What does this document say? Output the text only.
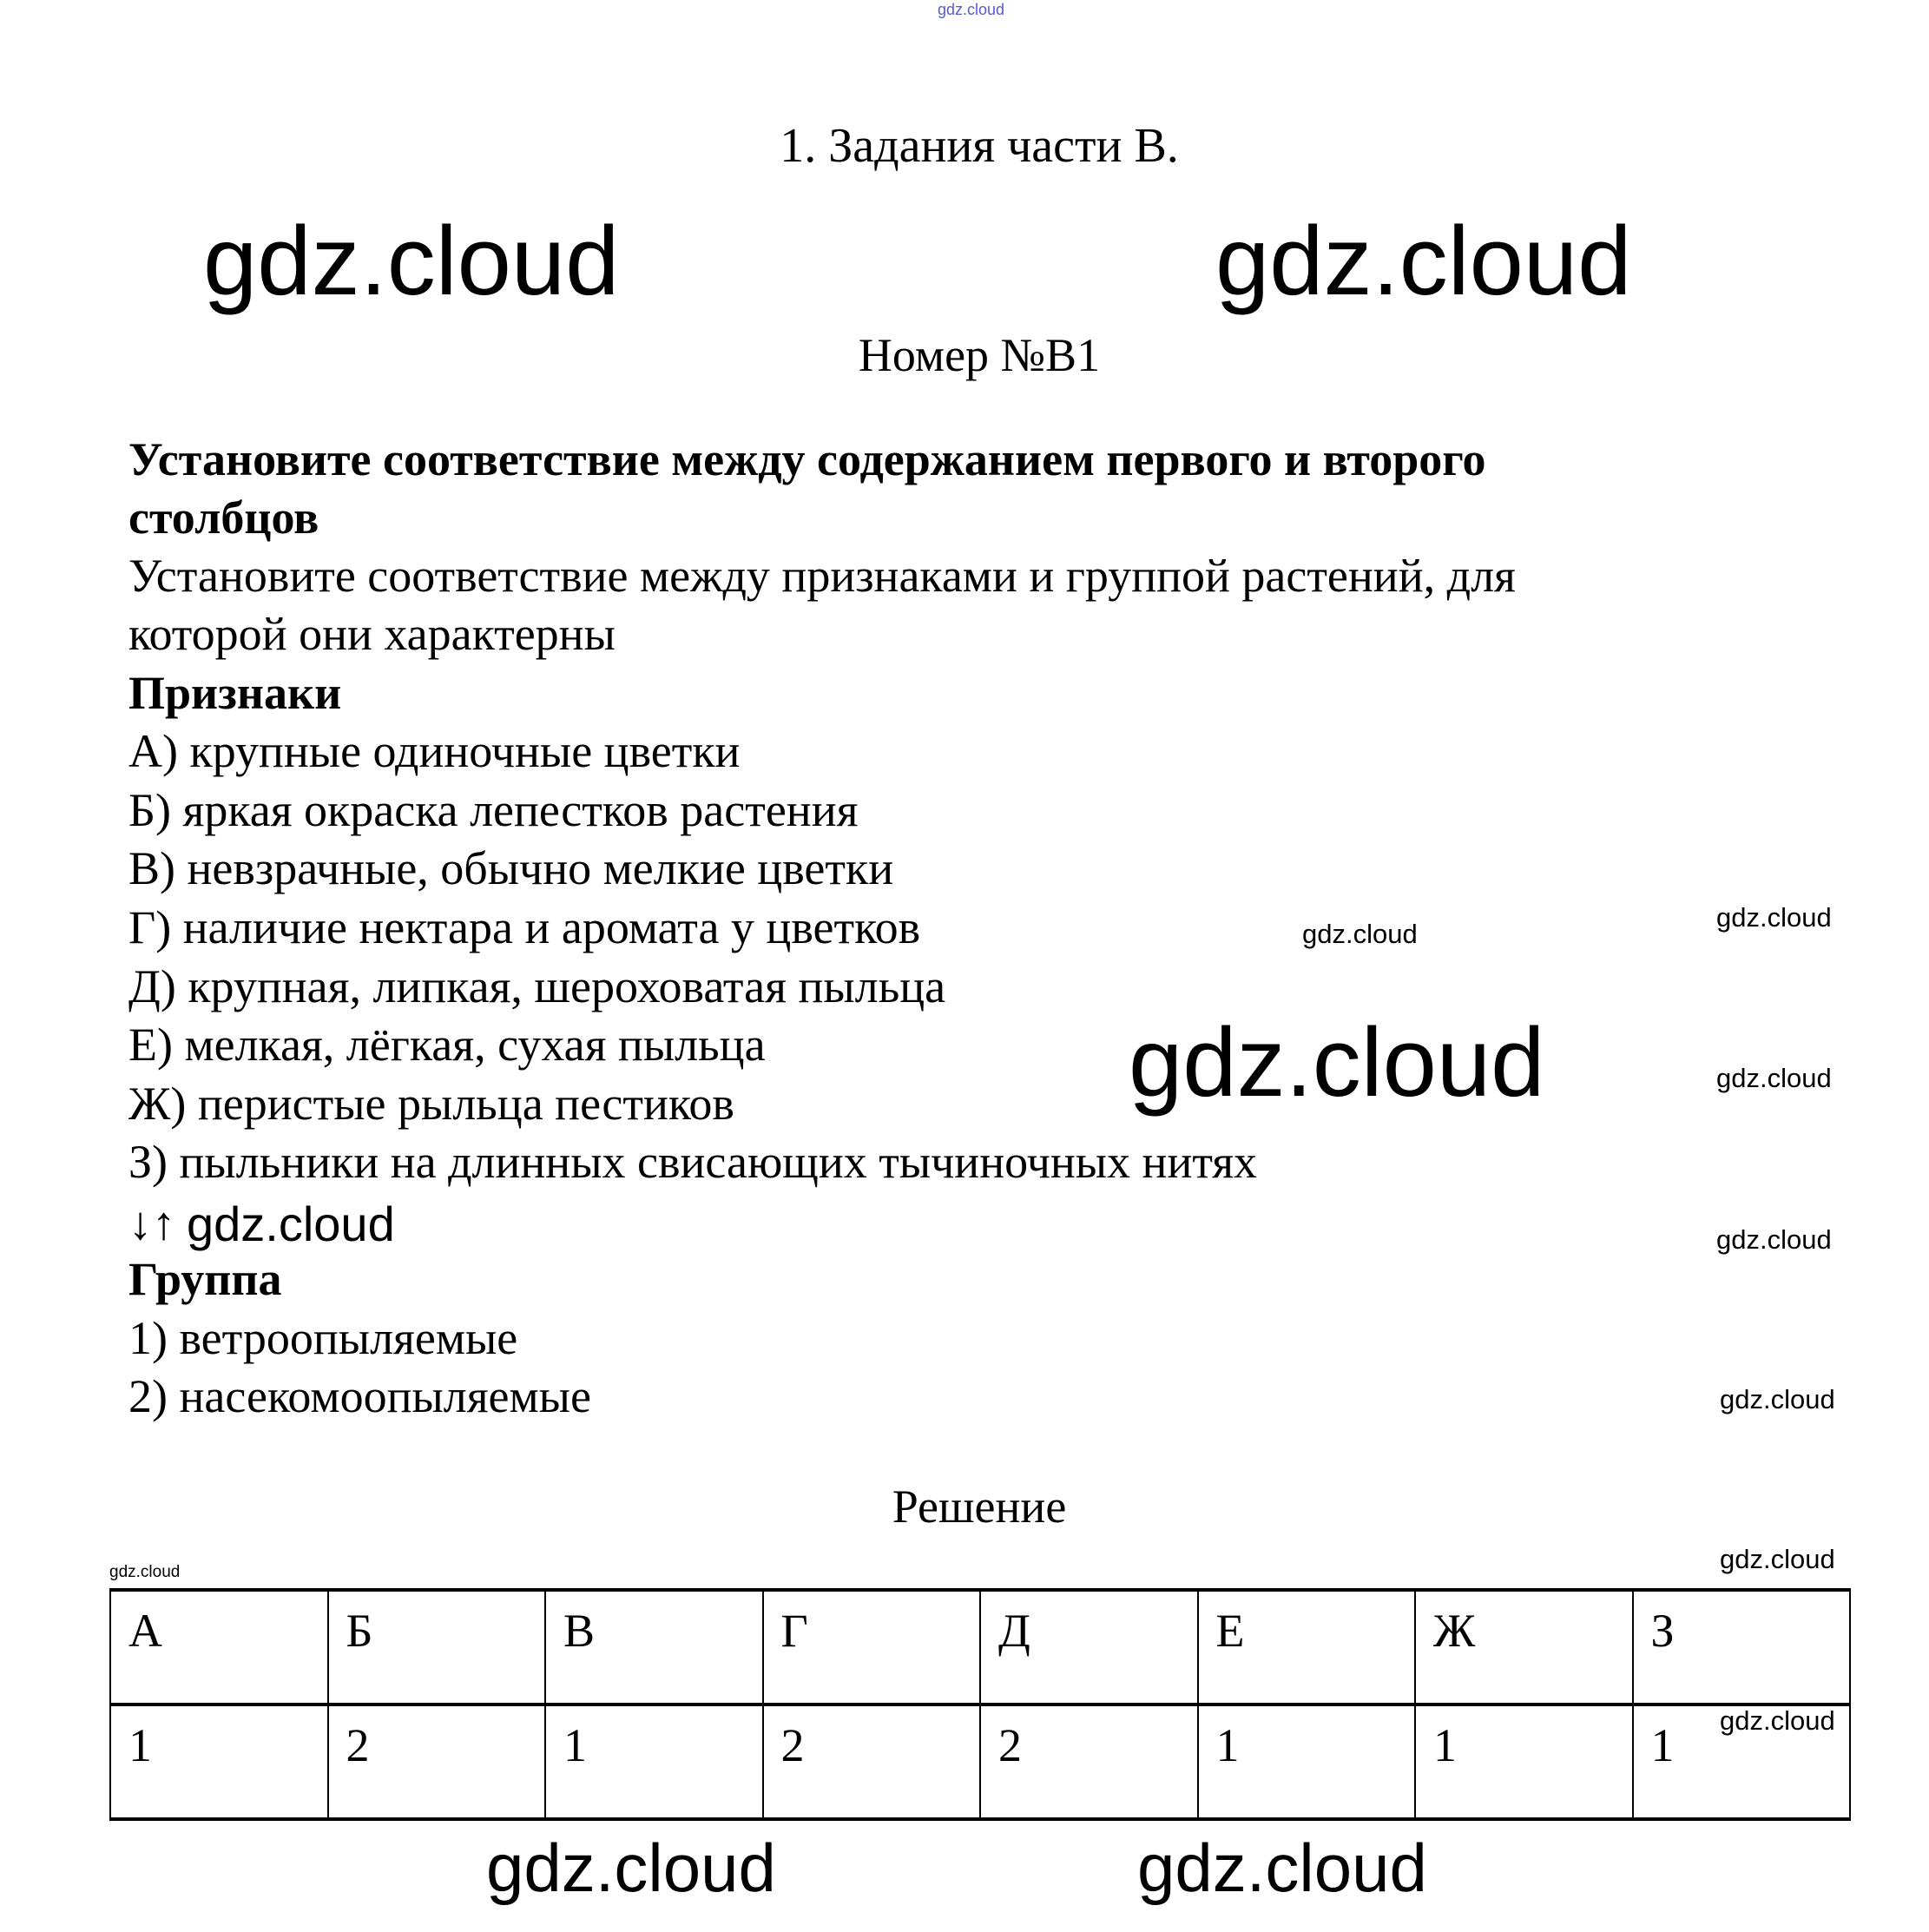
gdz.cloud
1. Задания части В.
Номер №В1
Установите соответствие между содержанием первого и второго
столбцов
Установите соответствие между признаками и группой растений, для
которой они характерны
Признаки
А) крупные одиночные цветки
Б) яркая окраска лепестков растения
В) невзрачные, обычно мелкие цветки
Г) наличие нектара и аромата у цветков
Д) крупная, липкая, шероховатая пыльца
Е) мелкая, лёгкая, сухая пыльца
Ж) перистые рыльца пестиков
З) пыльники на длинных свисающих тычиночных нитях
↓↑
Группа
1) ветроопыляемые
2) насекомоопыляемые
Решение
А	Б	В	Г	Д	Е	Ж	З
1	2	1	2	2	1	1	1
gdz.cloud	gdz.cloud
gdz.cloud
gdz.cloud
gdz.cloud
gdz.cloud	gdz.cloud
gdz.cloud
gdz.cloud
gdz.cloud
gdz.cloud
gdz.cloud
gdz.cloud
gdz.cloud
